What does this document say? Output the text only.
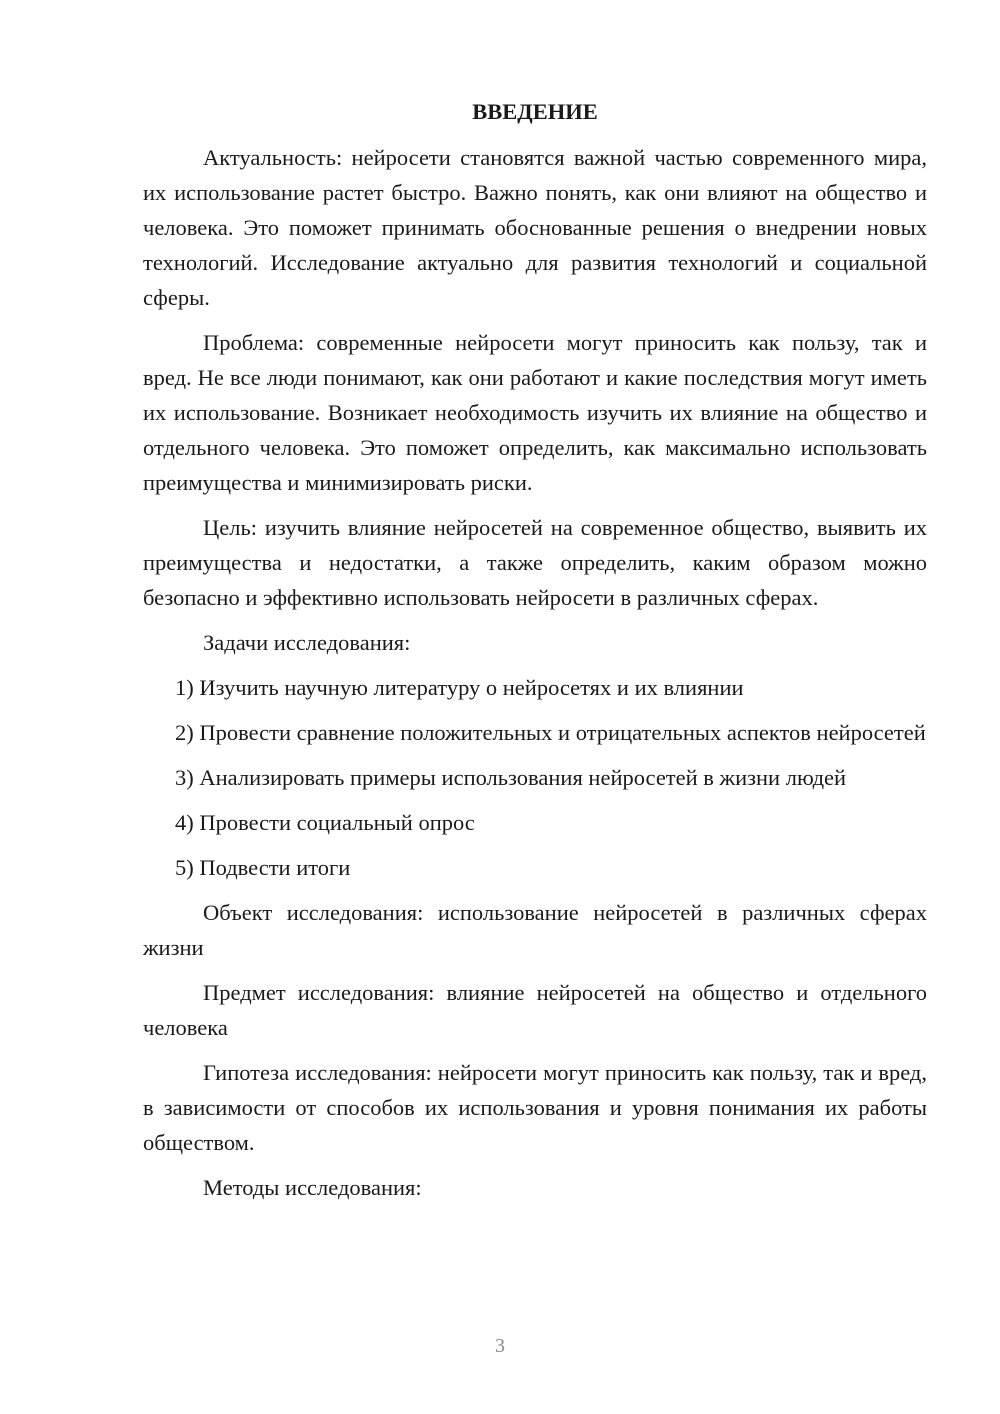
ВВЕДЕНИЕ

Актуальность: нейросети становятся важной частью современного мира, их использование растет быстро. Важно понять, как они влияют на общество и человека. Это поможет принимать обоснованные решения о внедрении новых технологий. Исследование актуально для развития технологий и социальной сферы.

Проблема: современные нейросети могут приносить как пользу, так и вред. Не все люди понимают, как они работают и какие последствия могут иметь их использование. Возникает необходимость изучить их влияние на общество и отдельного человека. Это поможет определить, как максимально использовать преимущества и минимизировать риски.

Цель: изучить влияние нейросетей на современное общество, выявить их преимущества и недостатки, а также определить, каким образом можно безопасно и эффективно использовать нейросети в различных сферах.

Задачи исследования:

1) Изучить научную литературу о нейросетях и их влиянии

2) Провести сравнение положительных и отрицательных аспектов нейросетей

3) Анализировать примеры использования нейросетей в жизни людей

4) Провести социальный опрос

5) Подвести итоги

Объект исследования: использование нейросетей в различных сферах жизни

Предмет исследования: влияние нейросетей на общество и отдельного человека

Гипотеза исследования: нейросети могут приносить как пользу, так и вред, в зависимости от способов их использования и уровня понимания их работы обществом.

Методы исследования:

3
